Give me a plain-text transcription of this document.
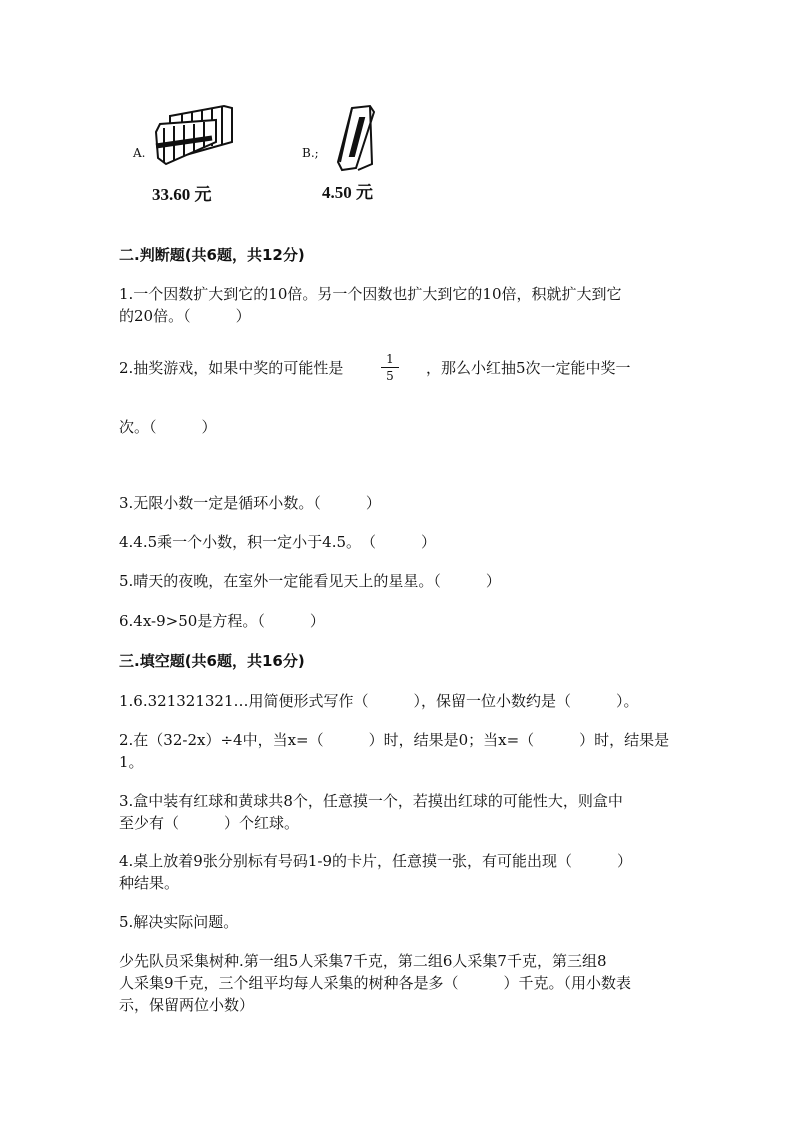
A.
33.60 元
B.;
4.50 元
二.判断题(共6题，共12分)
1.一个因数扩大到它的10倍。另一个因数也扩大到它的10倍，积就扩大到它
的20倍。（　　　）
2.抽奖游戏，如果中奖的可能性是	1
5	，那么小红抽5次一定能中奖一
次。（　　　）
3.无限小数一定是循环小数。（　　　）
4.4.5乘一个小数，积一定小于4.5。　（　　　）
5.晴天的夜晚，在室外一定能看见天上的星星。（　　　）
6.4x-9>50是方程。（　　　）
三.填空题(共6题，共16分)
1.6.321321321…用简便形式写作（　　　），保留一位小数约是（　　　）。
2.在（32-2x）÷4中，当x=（　　　）时，结果是0；当x=（　　　）时，结果是
1。
3.盒中装有红球和黄球共8个，任意摸一个，若摸出红球的可能性大，则盒中
至少有（　　　）个红球。
4.桌上放着9张分别标有号码1-9的卡片，任意摸一张，有可能出现（　　　）
种结果。
5.解决实际问题。
少先队员采集树种.第一组5人采集7千克，第二组6人采集7千克，第三组8
人采集9千克，三个组平均每人采集的树种各是多（　　　）千克。（用小数表
示，保留两位小数）
